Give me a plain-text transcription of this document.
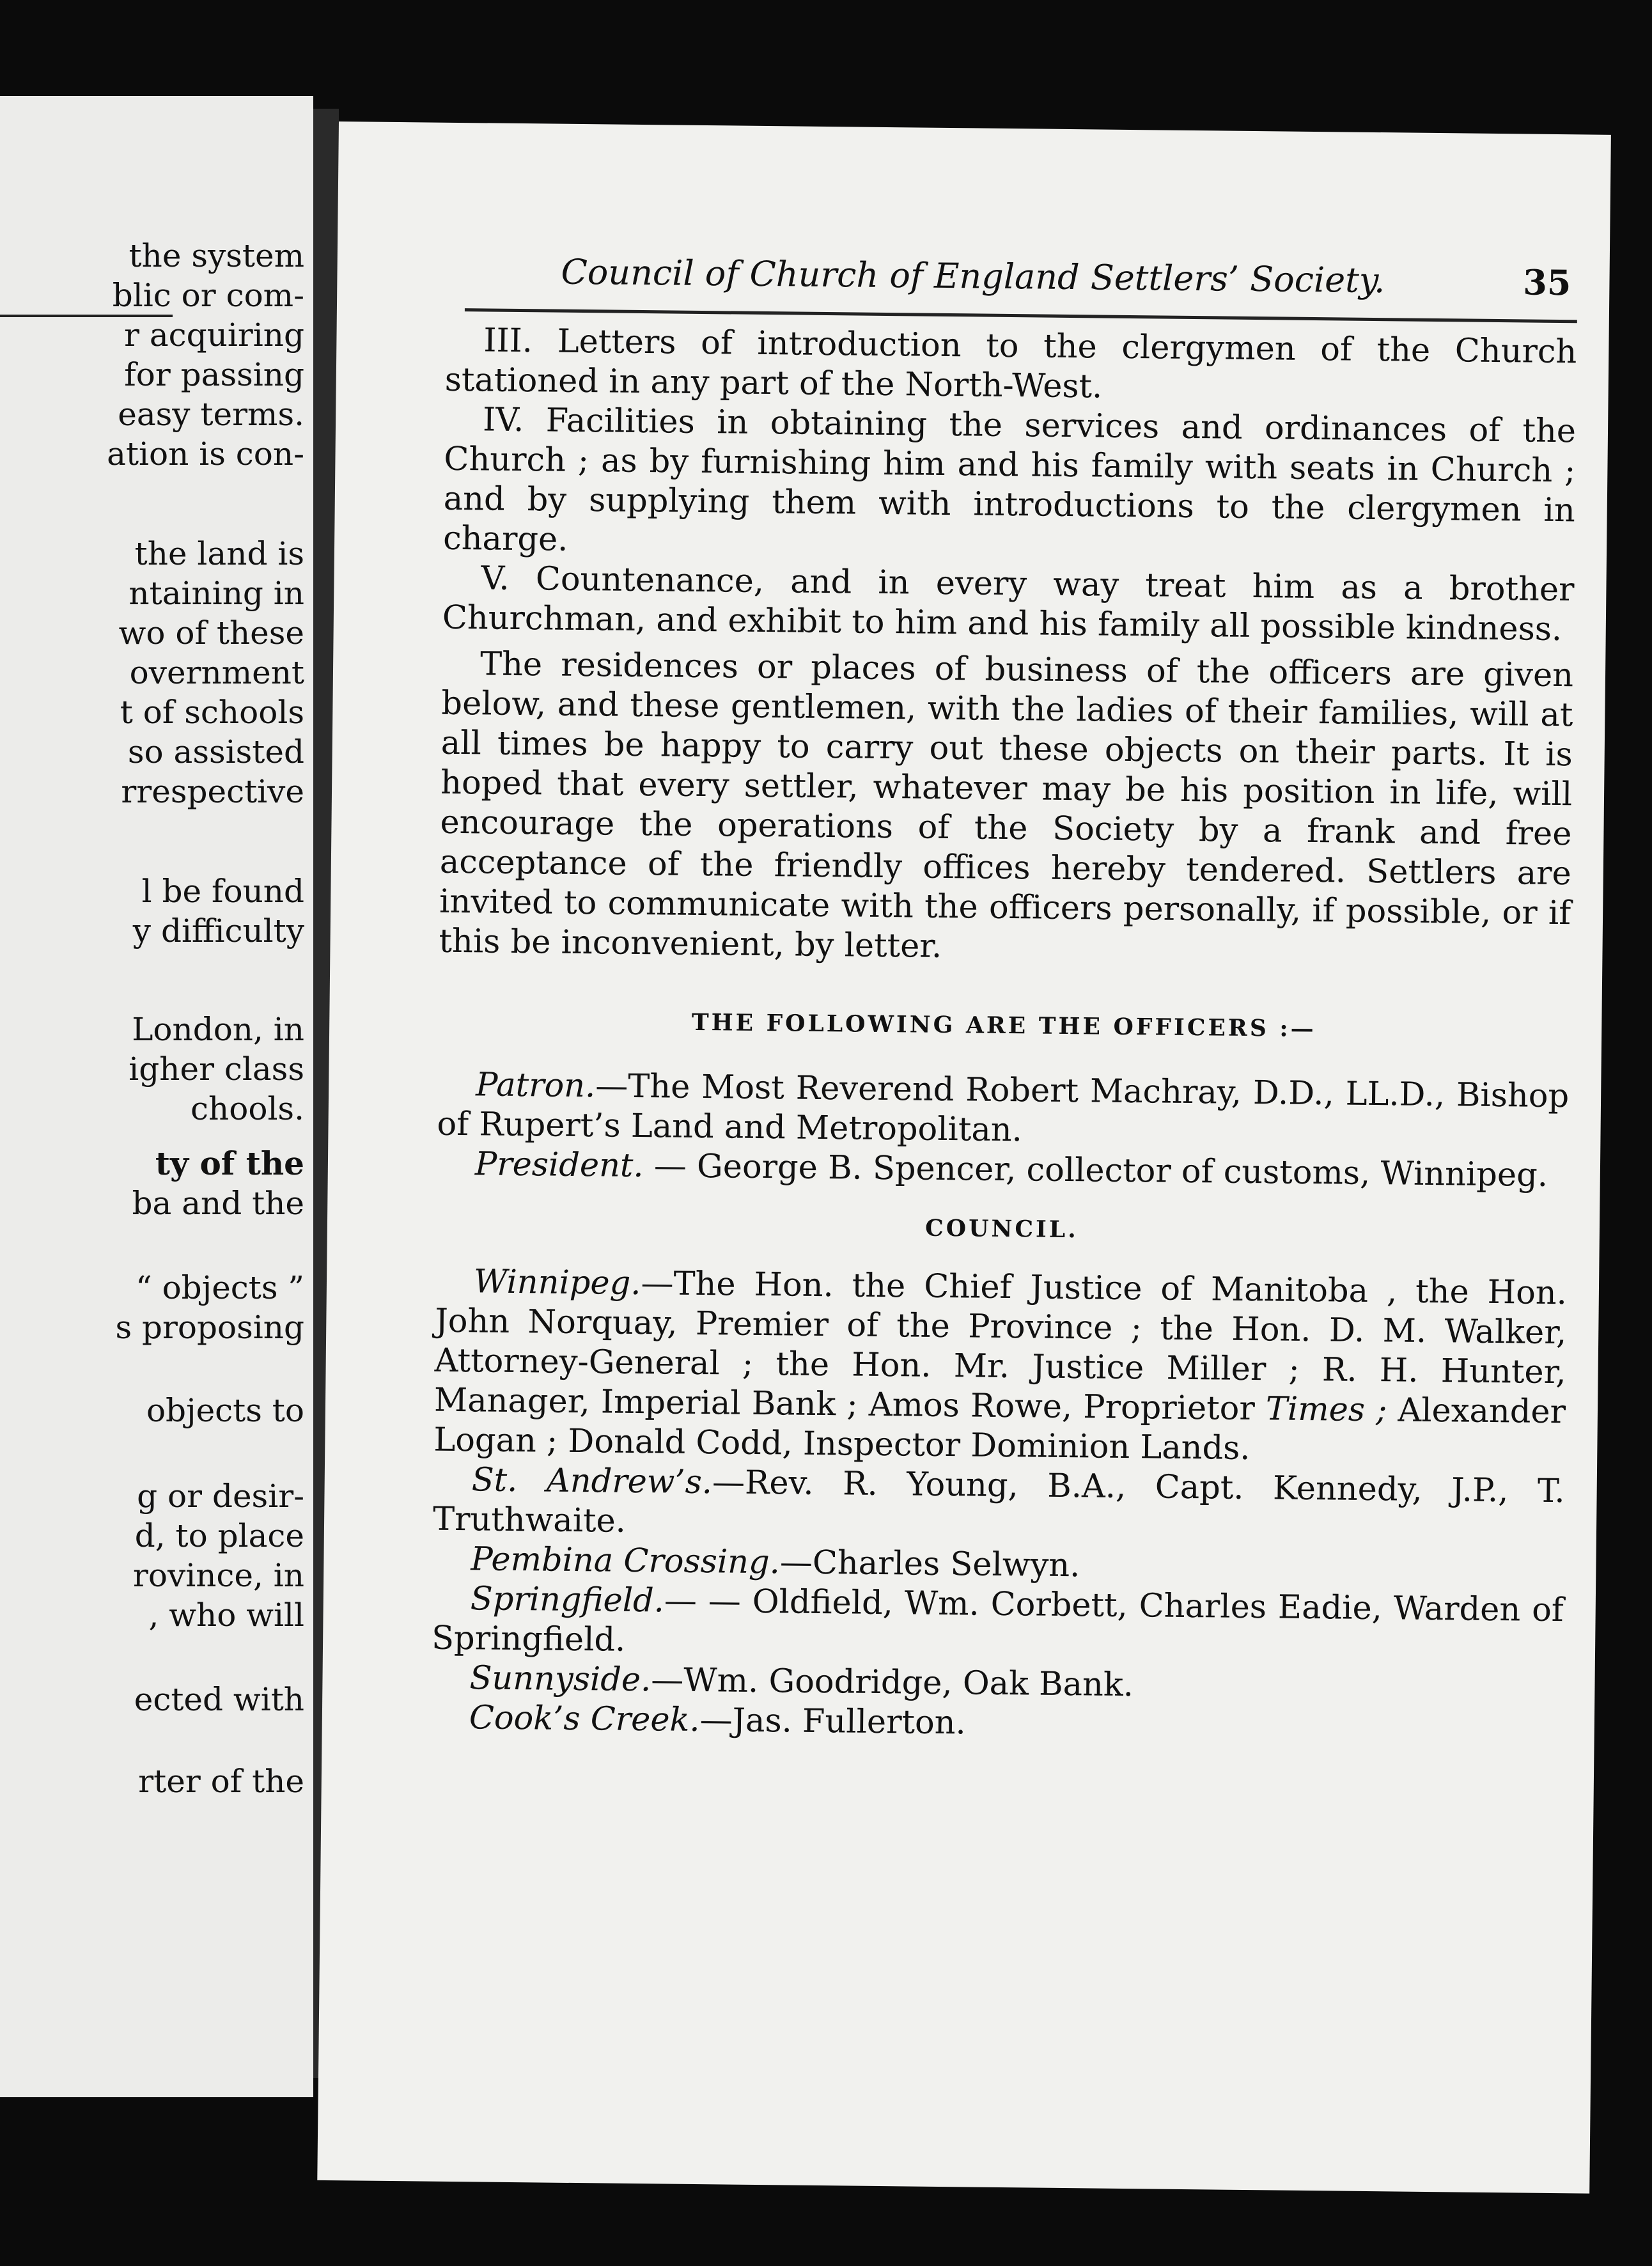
the system
blic or com-
r acquiring
for passing
easy terms.
ation is con-
the land is
ntaining in
wo of these
overnment
t of schools
so assisted
rrespective
l be found
y difficulty
London, in
igher class
chools.
ty of the
ba and the
“ objects ”
s proposing
objects to
g or desir-
d, to place
rovince, in
, who will
ected with
rter of the
Council of Church of England Settlers’ Society.	35

III. Letters of introduction to the clergymen of the Church stationed in any part of the North-West.

IV. Facilities in obtaining the services and ordinances of the Church ; as by furnishing him and his family with seats in Church ; and by supplying them with introductions to the clergymen in charge.

V. Countenance, and in every way treat him as a brother Churchman, and exhibit to him and his family all possible kindness.

The residences or places of business of the officers are given below, and these gentlemen, with the ladies of their families, will at all times be happy to carry out these objects on their parts. It is hoped that every settler, whatever may be his position in life, will encourage the operations of the Society by a frank and free acceptance of the friendly offices hereby tendered. Settlers are invited to communicate with the officers personally, if possible, or if this be inconvenient, by letter.

THE FOLLOWING ARE THE OFFICERS :—

Patron.—The Most Reverend Robert Machray, D.D., LL.D., Bishop of Rupert’s Land and Metropolitan.

President. — George B. Spencer, collector of customs, Winnipeg.

COUNCIL.

Winnipeg.—The Hon. the Chief Justice of Manitoba , the Hon. John Norquay, Premier of the Province ; the Hon. D. M. Walker, Attorney-General ; the Hon. Mr. Justice Miller ; R. H. Hunter, Manager, Imperial Bank ; Amos Rowe, Proprietor Times ; Alexander Logan ; Donald Codd, Inspector Dominion Lands.

St. Andrew’s.—Rev. R. Young, B.A., Capt. Kennedy, J.P., T. Truthwaite.

Pembina Crossing.—Charles Selwyn.

Springfield.— — Oldfield, Wm. Corbett, Charles Eadie, Warden of Springfield.

Sunnyside.—Wm. Goodridge, Oak Bank.

Cook’s Creek.—Jas. Fullerton.
